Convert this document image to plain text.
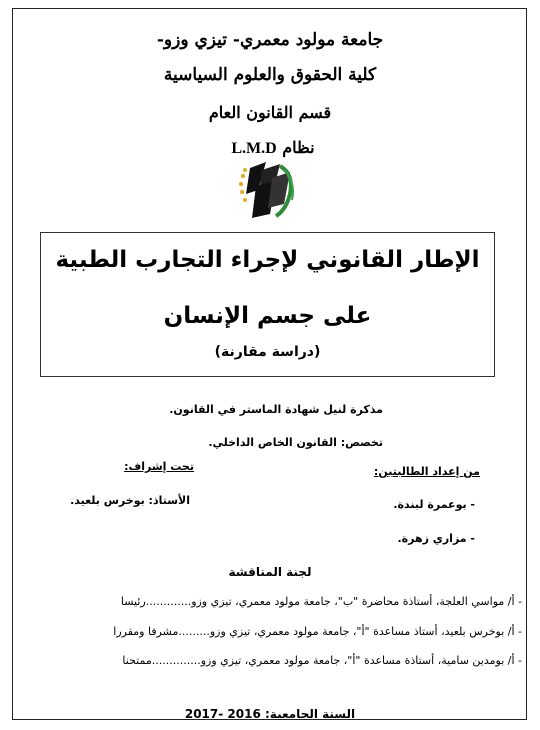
جامعة مولود معمري- تيزي وزو-
كلية الحقوق والعلوم السياسية
قسم القانون العام
نظام L.M.D
الإطار القانوني لإجراء التجارب الطبية
على جسم الإنسان
(دراسة مقارنة)
مذكرة لنيل شهادة الماستر في القانون.
تخصص: القانون الخاص الداخلي.
من إعداد الطالبتين:
تحت إشراف:
- بوعمرة لبندة.
- مزاري زهرة.
الأستاذ: بوخرس بلعيد.
لجنة المناقشة
- أ/ مواسي العلجة، أستاذة محاضرة "ب"، جامعة مولود معمري، تيزي وزو.............رئيسا
- أ/ بوخرس بلعيد، أستاذ مساعدة "أ"، جامعة مولود معمري، تيزي وزو.........مشرفا ومقررا
- أ/ بومدين سامية، أستاذة مساعدة "أ"، جامعة مولود معمري، تيزي وزو..............ممتحنا
السنة الجامعية: 2016 -2017
